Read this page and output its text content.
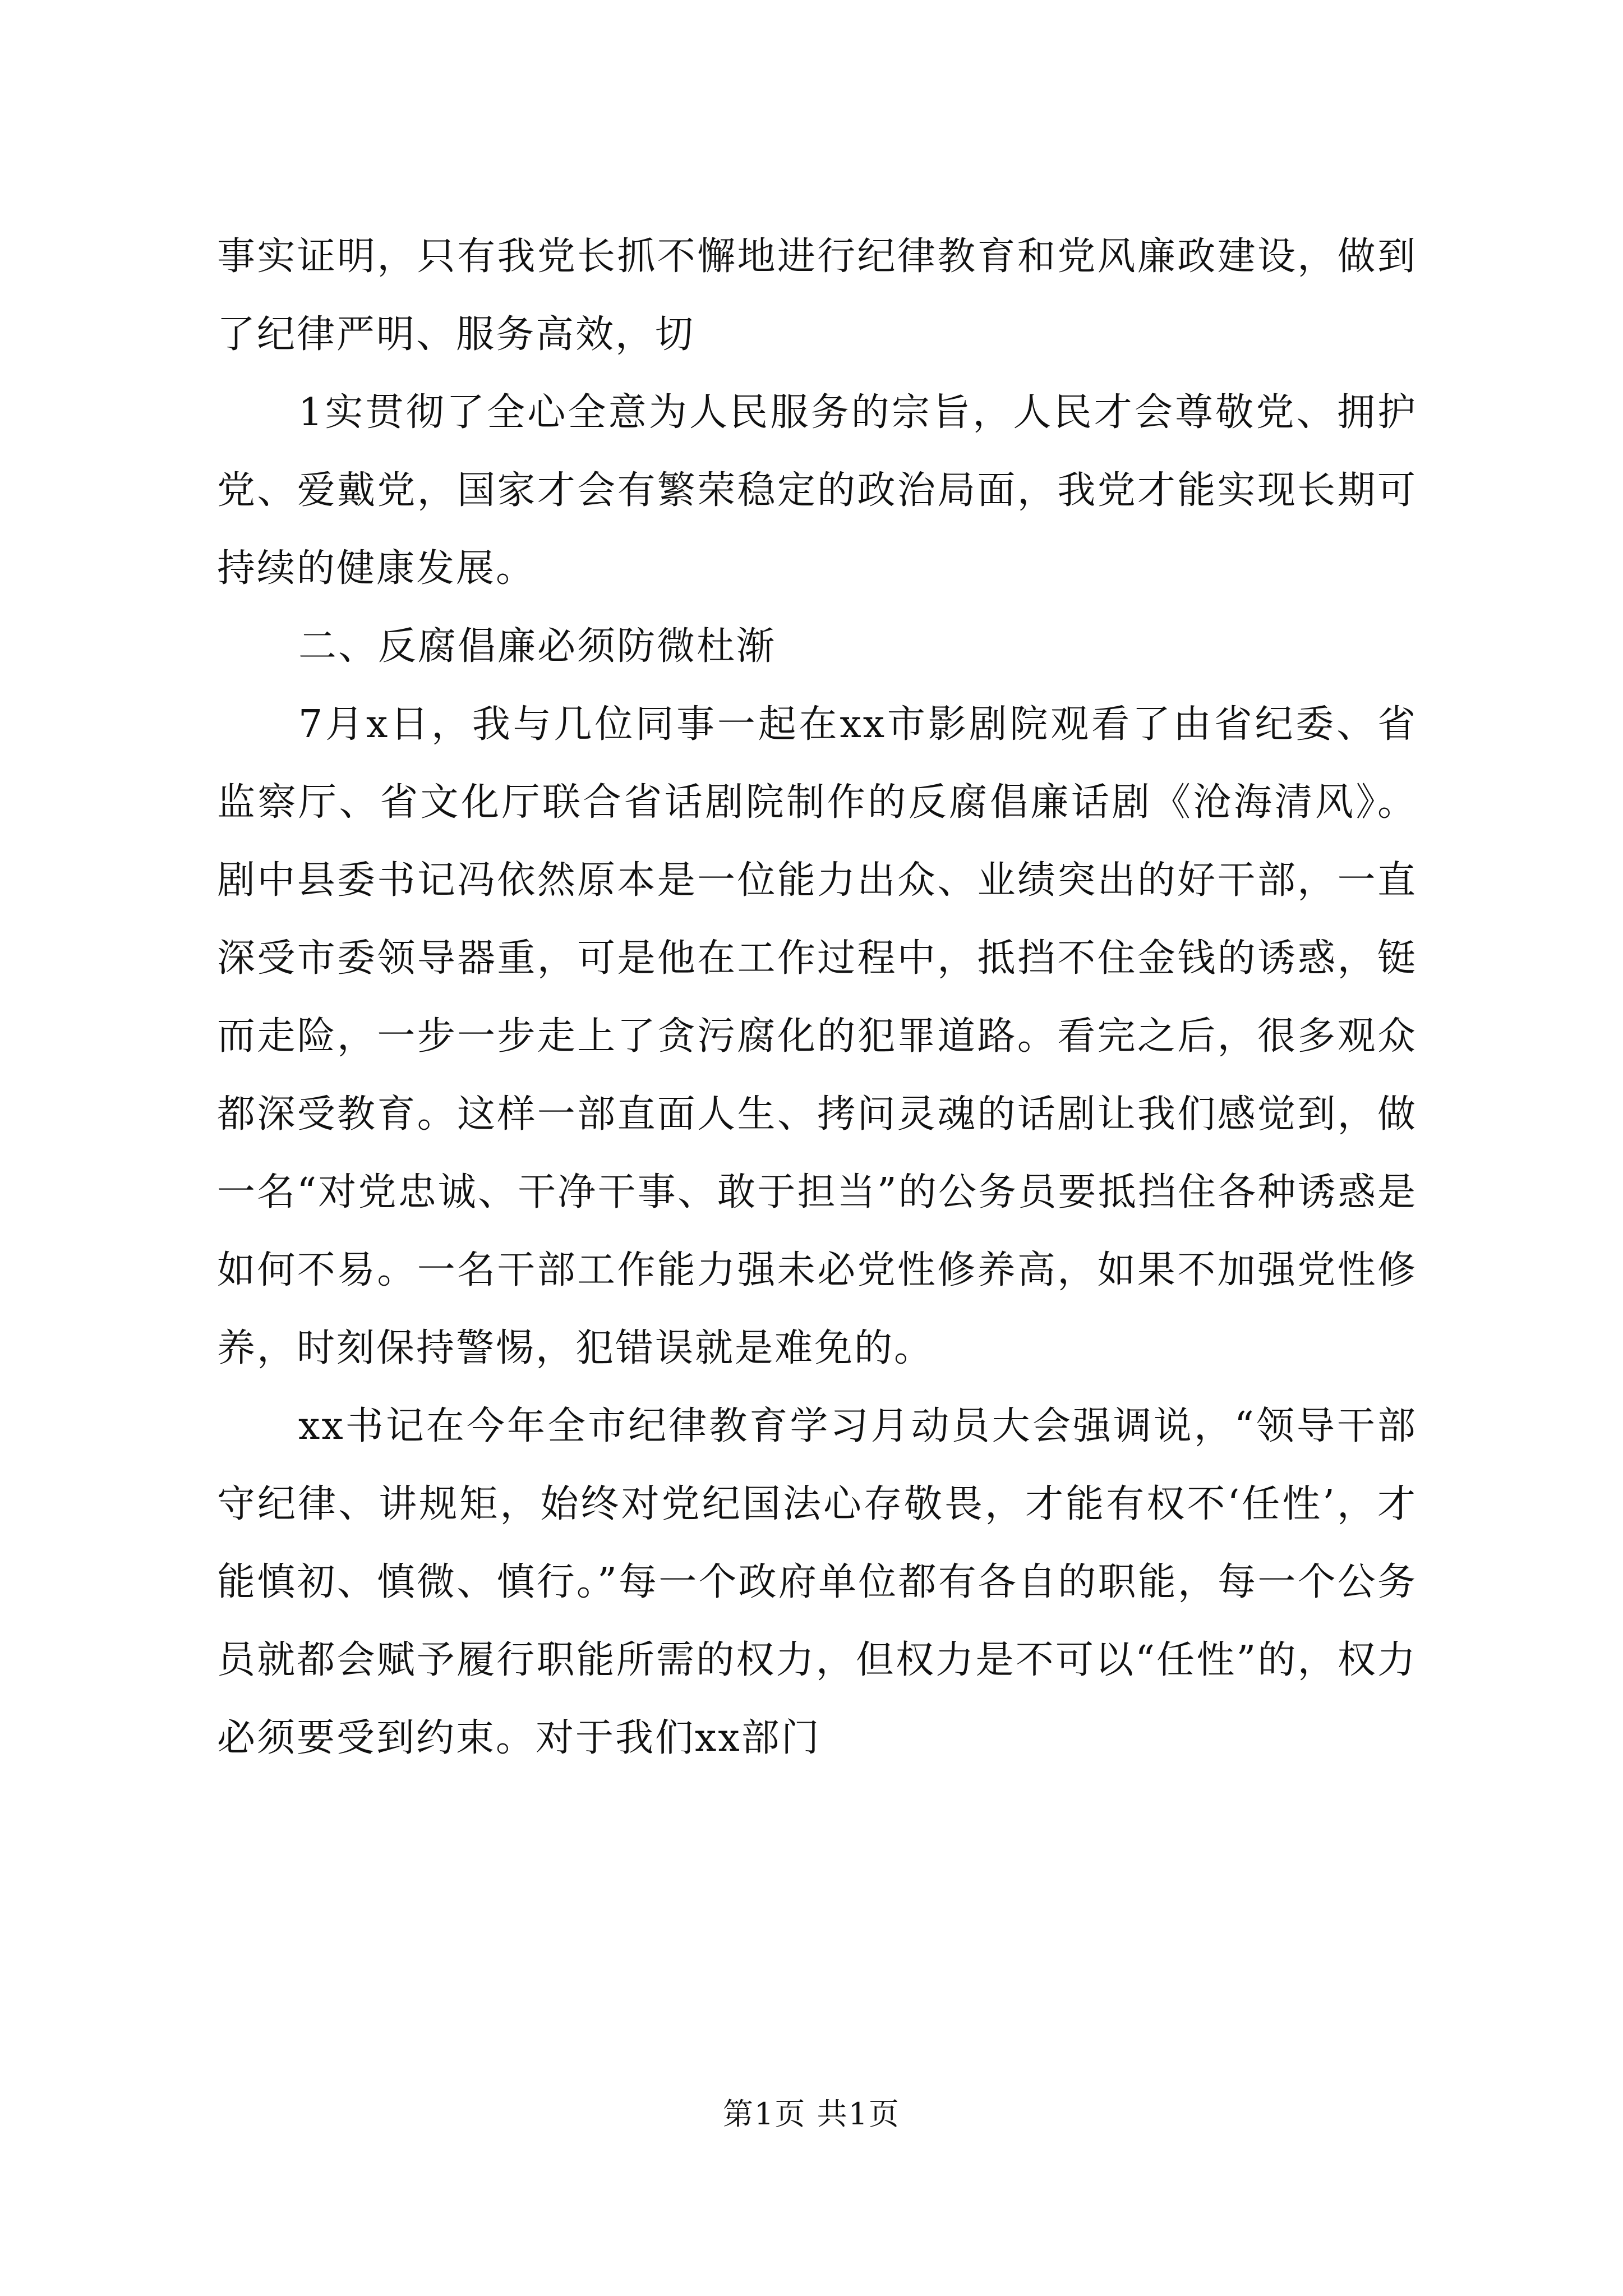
事实证明，只有我党长抓不懈地进行纪律教育和党风廉政建设，做到了纪律严明、服务高效，切

1实贯彻了全心全意为人民服务的宗旨，人民才会尊敬党、拥护党、爱戴党，国家才会有繁荣稳定的政治局面，我党才能实现长期可持续的健康发展。

二、反腐倡廉必须防微杜渐

7月x日，我与几位同事一起在xx市影剧院观看了由省纪委、省监察厅、省文化厅联合省话剧院制作的反腐倡廉话剧《沧海清风》。剧中县委书记冯依然原本是一位能力出众、业绩突出的好干部，一直深受市委领导器重，可是他在工作过程中，抵挡不住金钱的诱惑，铤而走险，一步一步走上了贪污腐化的犯罪道路。看完之后，很多观众都深受教育。这样一部直面人生、拷问灵魂的话剧让我们感觉到，做一名“对党忠诚、干净干事、敢于担当”的公务员要抵挡住各种诱惑是如何不易。一名干部工作能力强未必党性修养高，如果不加强党性修养，时刻保持警惕，犯错误就是难免的。

xx书记在今年全市纪律教育学习月动员大会强调说，“领导干部守纪律、讲规矩，始终对党纪国法心存敬畏，才能有权不‘任性’，才能慎初、慎微、慎行。”每一个政府单位都有各自的职能，每一个公务员就都会赋予履行职能所需的权力，但权力是不可以“任性”的，权力必须要受到约束。对于我们xx部门

第1页 共1页
